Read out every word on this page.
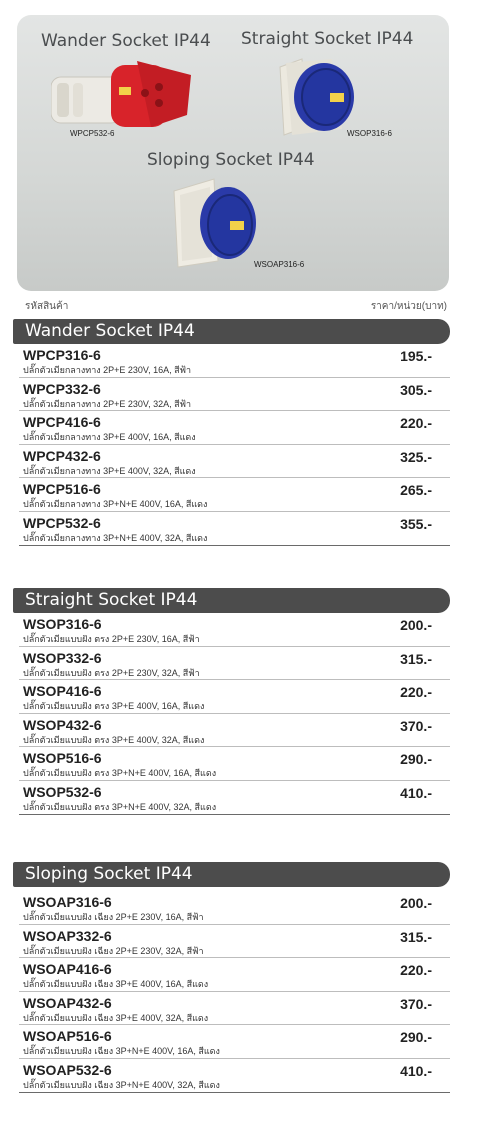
Wander Socket IP44 Straight Socket IP44
Sloping Socket IP44
WPCP532-6	WSOP316-6
WSOAP316-6
รหัสสินค้า	ราคา/หน่วย(บาท)
Wander Socket IP44
WPCP316-6
ปลั๊กตัวเมียกลางทาง 2P+E 230V, 16A, สีฟ้า
195.-
WPCP332-6
ปลั๊กตัวเมียกลางทาง 2P+E 230V, 32A, สีฟ้า
305.-
WPCP416-6
ปลั๊กตัวเมียกลางทาง 3P+E 400V, 16A, สีแดง
220.-
WPCP432-6
ปลั๊กตัวเมียกลางทาง 3P+E 400V, 32A, สีแดง
325.-
WPCP516-6
ปลั๊กตัวเมียกลางทาง 3P+N+E 400V, 16A, สีแดง
265.-
WPCP532-6
ปลั๊กตัวเมียกลางทาง 3P+N+E 400V, 32A, สีแดง
355.-
Straight Socket IP44
WSOP316-6
ปลั๊กตัวเมียแบบฝัง ตรง 2P+E 230V, 16A, สีฟ้า
200.-
WSOP332-6
ปลั๊กตัวเมียแบบฝัง ตรง 2P+E 230V, 32A, สีฟ้า
315.-
WSOP416-6
ปลั๊กตัวเมียแบบฝัง ตรง 3P+E 400V, 16A, สีแดง
220.-
WSOP432-6
ปลั๊กตัวเมียแบบฝัง ตรง 3P+E 400V, 32A, สีแดง
370.-
WSOP516-6
ปลั๊กตัวเมียแบบฝัง ตรง 3P+N+E 400V, 16A, สีแดง
290.-
WSOP532-6
ปลั๊กตัวเมียแบบฝัง ตรง 3P+N+E 400V, 32A, สีแดง
410.-
Sloping Socket IP44
WSOAP316-6
ปลั๊กตัวเมียแบบฝัง เฉียง 2P+E 230V, 16A, สีฟ้า
200.-
WSOAP332-6
ปลั๊กตัวเมียแบบฝัง เฉียง 2P+E 230V, 32A, สีฟ้า
315.-
WSOAP416-6
ปลั๊กตัวเมียแบบฝัง เฉียง 3P+E 400V, 16A, สีแดง
220.-
WSOAP432-6
ปลั๊กตัวเมียแบบฝัง เฉียง 3P+E 400V, 32A, สีแดง
370.-
WSOAP516-6
ปลั๊กตัวเมียแบบฝัง เฉียง 3P+N+E 400V, 16A, สีแดง
290.-
WSOAP532-6
ปลั๊กตัวเมียแบบฝัง เฉียง 3P+N+E 400V, 32A, สีแดง
410.-
